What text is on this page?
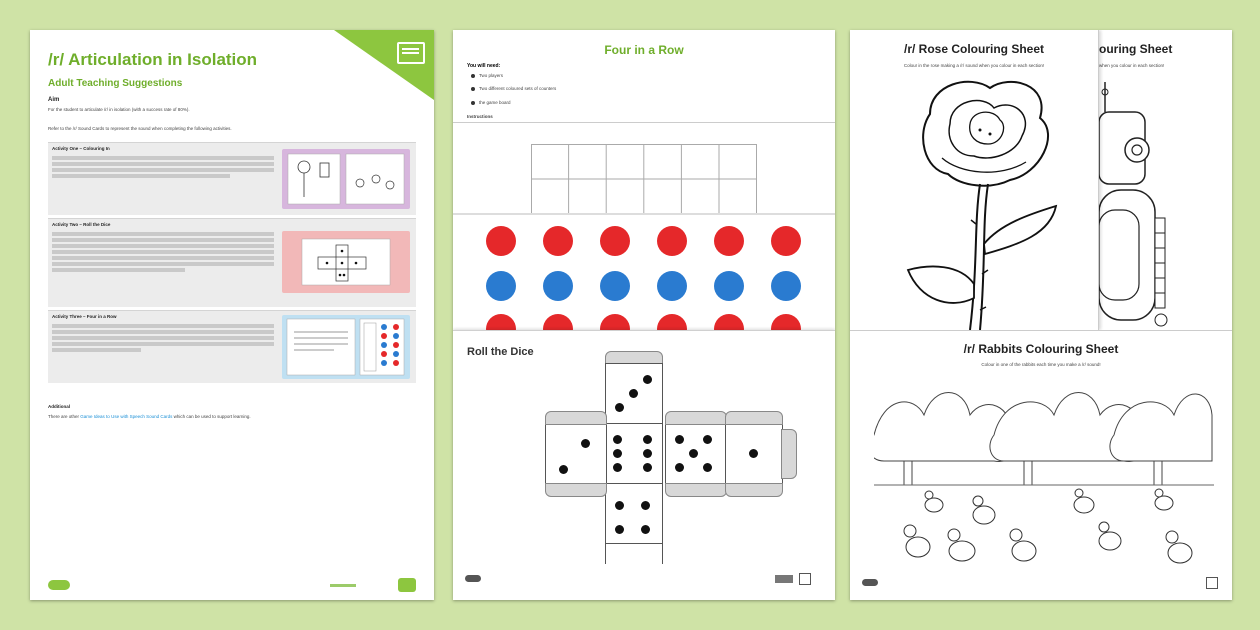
/r/ Articulation in Isolation
Adult Teaching Suggestions
Aim
For the student to articulate /r/ in isolation (with a success rate of 80%).
Refer to the /r/ Sound Cards to represent the sound when completing the following activities.
Activity One – Colouring In
Activity Two – Roll the Dice
Activity Three – Four in a Row
Additional
There are other Game Ideas to Use with Speech Sound Cards which can be used to support learning.
Four in a Row
You will need:
Two players
Two different coloured sets of counters
the game board
Instructions
Roll the Dice
ouring Sheet
when you colour in each section!
/r/ Rose Colouring Sheet
Colour in the rose making a /r/ sound when you colour in each section!
/r/ Rabbits Colouring Sheet
Colour in one of the rabbits each time you make a /r/ sound!
